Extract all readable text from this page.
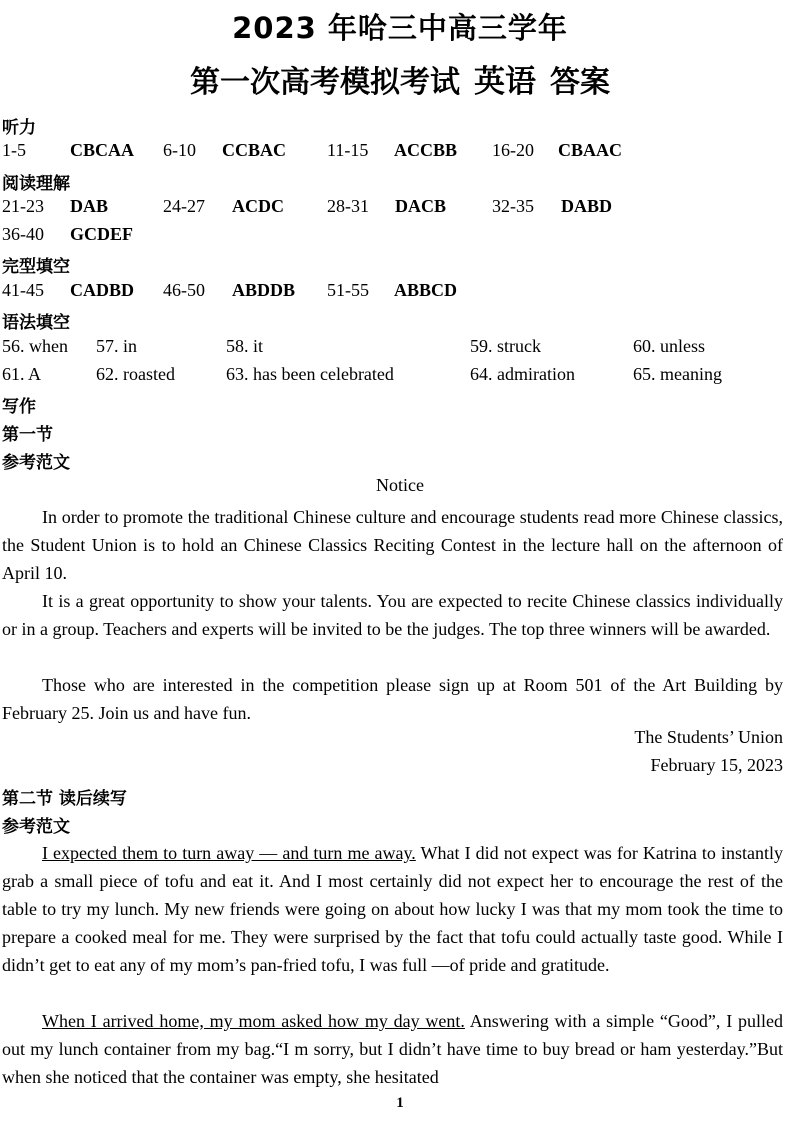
2023 年哈三中高三学年
第一次高考模拟考试 英语 答案
听力
1-5 CBCAA 6-10 CCBAC 11-15 ACCBB 16-20 CBAAC
阅读理解
21-23 DAB	24-27 ACDC 28-31 DACB	32-35 DABD
36-40 GCDEF
完型填空
41-45 CADBD 46-50 ABDDB 51-55 ABBCD
语法填空
56. when 57. in	58. it	59. struck	60. unless
61. A	62. roasted	63. has been celebrated	64. admiration	65. meaning
写作
第一节
参考范文
Notice

In order to promote the traditional Chinese culture and encourage students read more Chinese classics, the Student Union is to hold an Chinese Classics Reciting Contest in the lecture hall on the afternoon of April 10.

It is a great opportunity to show your talents. You are expected to recite Chinese classics individually or in a group. Teachers and experts will be invited to be the judges. The top three winners will be awarded.

Those who are interested in the competition please sign up at Room 501 of the Art Building by February 25. Join us and have fun.

The Students’ Union
February 15, 2023
第二节 读后续写
参考范文

I expected them to turn away — and turn me away. What I did not expect was for Katrina to instantly grab a small piece of tofu and eat it. And I most certainly did not expect her to encourage the rest of the table to try my lunch. My new friends were going on about how lucky I was that my mom took the time to prepare a cooked meal for me. They were surprised by the fact that tofu could actually taste good. While I didn’t get to eat any of my mom’s pan-fried tofu, I was full —of pride and gratitude.

When I arrived home, my mom asked how my day went. Answering with a simple “Good”, I pulled out my lunch container from my bag.“I m sorry, but I didn’t have time to buy bread or ham yesterday.”But when she noticed that the container was empty, she hesitated

1
